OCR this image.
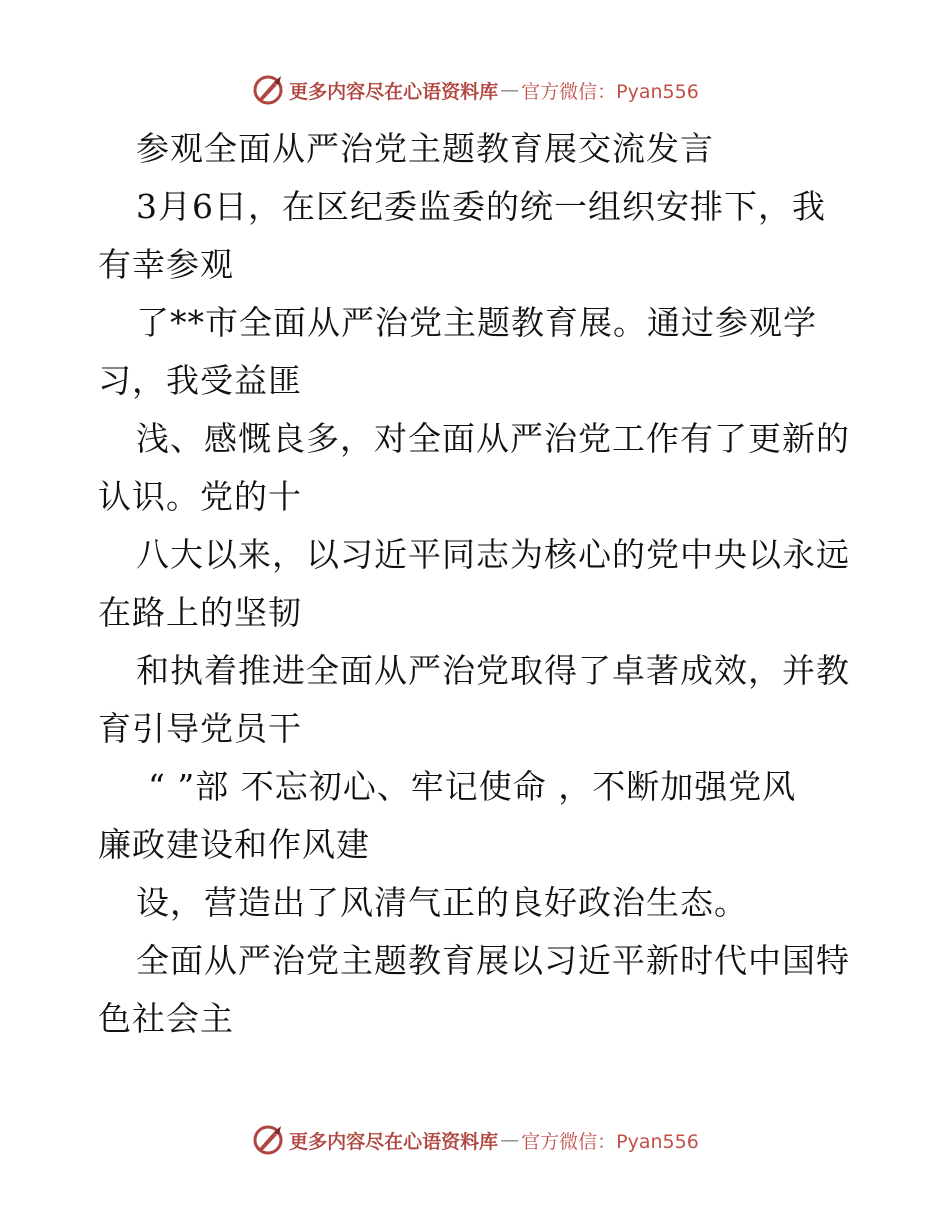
更多内容尽在心语资料库 — 官方微信：Pyan556
参观全面从严治党主题教育展交流发言
3月6日，在区纪委监委的统一组织安排下，我
有幸参观
了**市全面从严治党主题教育展。通过参观学
习，我受益匪
浅、感慨良多，对全面从严治党工作有了更新的
认识。党的十
八大以来，以习近平同志为核心的党中央以永远
在路上的坚韧
和执着推进全面从严治党取得了卓著成效，并教
育引导党员干
“ ”部 不忘初心、牢记使命 ，不断加强党风
廉政建设和作风建
设，营造出了风清气正的良好政治生态。
全面从严治党主题教育展以习近平新时代中国特
色社会主
更多内容尽在心语资料库 — 官方微信：Pyan556
